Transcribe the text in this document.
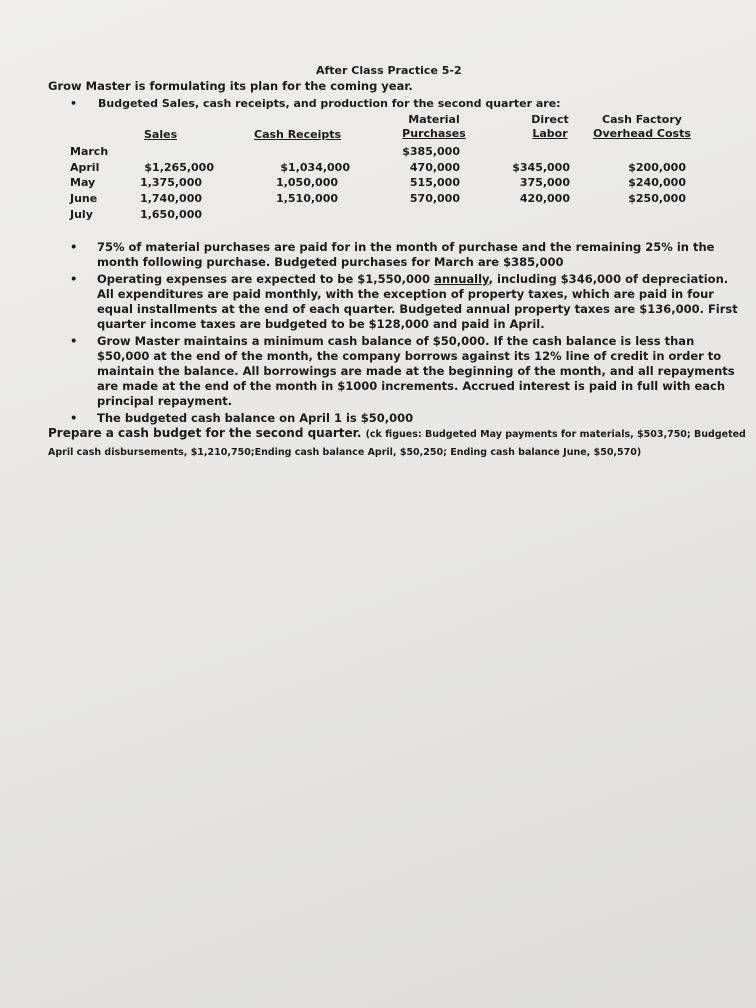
After Class Practice 5-2
Grow Master is formulating its plan for the coming year.
• Budgeted Sales, cash receipts, and production for the second quarter are:
Sales	Cash Receipts
Material
Purchases
Direct
Labor
Cash Factory
Overhead Costs
March
April
May
June
July
$1,265,000
1,375,000
1,740,000
1,650,000
$1,034,000
1,050,000
1,510,000
$385,000
470,000
515,000
570,000
$345,000
375,000
420,000
$200,000
$240,000
$250,000

• 75% of material purchases are paid for in the month of purchase and the remaining 25% in the month following purchase. Budgeted purchases for March are $385,000

• Operating expenses are expected to be $1,550,000 annually, including $346,000 of depreciation. All expenditures are paid monthly, with the exception of property taxes, which are paid in four equal installments at the end of each quarter. Budgeted annual property taxes are $136,000. First quarter income taxes are budgeted to be $128,000 and paid in April.

• Grow Master maintains a minimum cash balance of $50,000. If the cash balance is less than $50,000 at the end of the month, the company borrows against its 12% line of credit in order to maintain the balance. All borrowings are made at the beginning of the month, and all repayments are made at the end of the month in $1000 increments. Accrued interest is paid in full with each principal repayment.

• The budgeted cash balance on April 1 is $50,000

Prepare a cash budget for the second quarter. (ck figues: Budgeted May payments for materials, $503,750; Budgeted April cash disbursements, $1,210,750;Ending cash balance April, $50,250; Ending cash balance June, $50,570)
